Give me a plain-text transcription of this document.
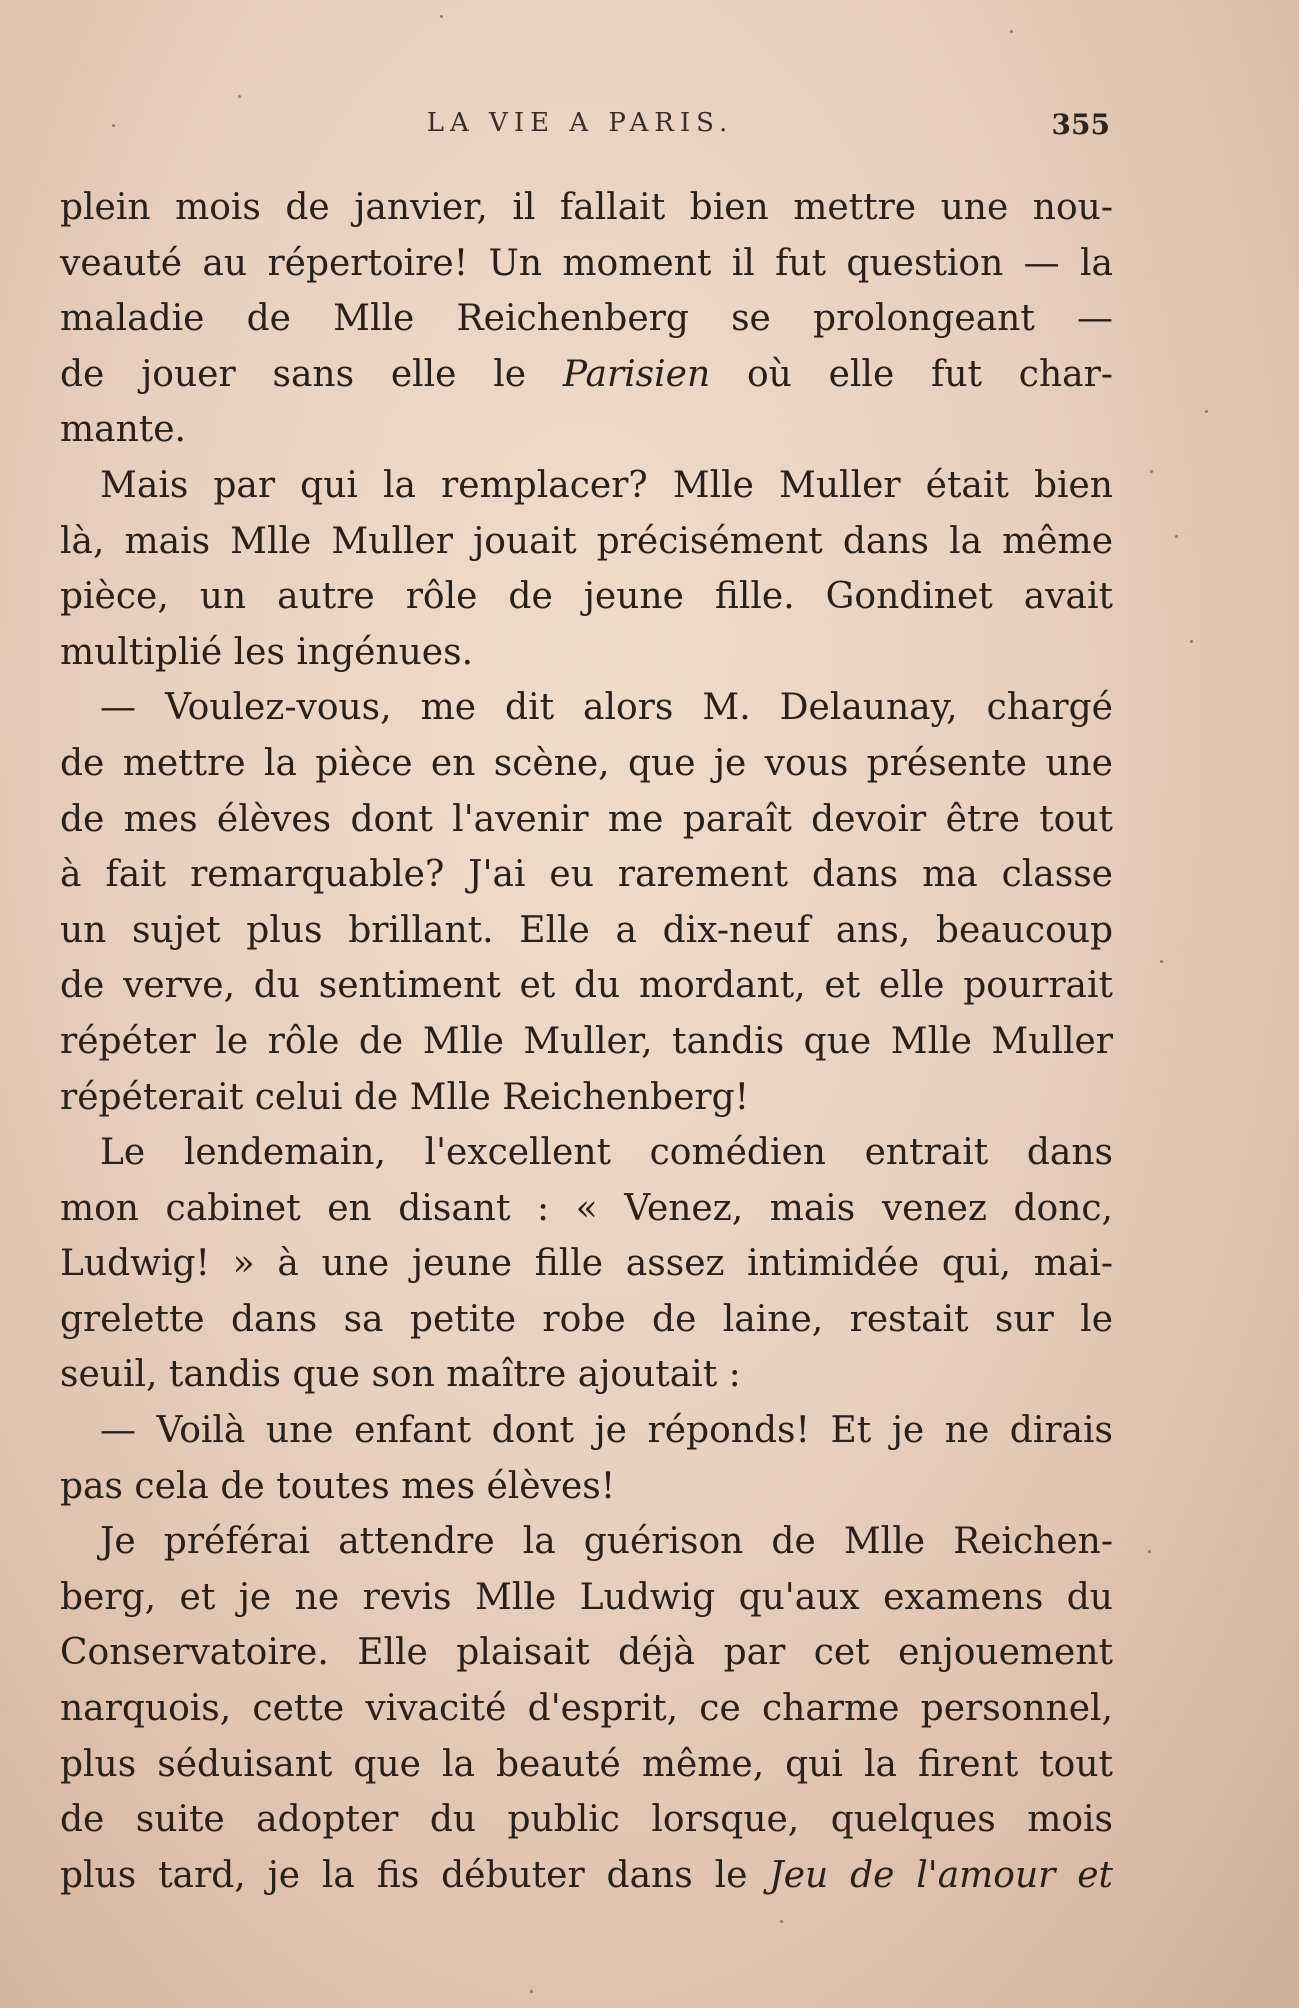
LA VIE A PARIS.	355
plein mois de janvier, il fallait bien mettre une nou-
veauté au répertoire! Un moment il fut question — la
maladie de Mlle Reichenberg se prolongeant —
de jouer sans elle le Parisien où elle fut char-
mante.
Mais par qui la remplacer? Mlle Muller était bien
là, mais Mlle Muller jouait précisément dans la même
pièce, un autre rôle de jeune fille. Gondinet avait
multiplié les ingénues.
— Voulez-vous, me dit alors M. Delaunay, chargé
de mettre la pièce en scène, que je vous présente une
de mes élèves dont l'avenir me paraît devoir être tout
à fait remarquable? J'ai eu rarement dans ma classe
un sujet plus brillant. Elle a dix-neuf ans, beaucoup
de verve, du sentiment et du mordant, et elle pourrait
répéter le rôle de Mlle Muller, tandis que Mlle Muller
répéterait celui de Mlle Reichenberg!
Le lendemain, l'excellent comédien entrait dans
mon cabinet en disant : « Venez, mais venez donc,
Ludwig! » à une jeune fille assez intimidée qui, mai-
grelette dans sa petite robe de laine, restait sur le
seuil, tandis que son maître ajoutait :
— Voilà une enfant dont je réponds! Et je ne dirais
pas cela de toutes mes élèves!
Je préférai attendre la guérison de Mlle Reichen-
berg, et je ne revis Mlle Ludwig qu'aux examens du
Conservatoire. Elle plaisait déjà par cet enjouement
narquois, cette vivacité d'esprit, ce charme personnel,
plus séduisant que la beauté même, qui la firent tout
de suite adopter du public lorsque, quelques mois
plus tard, je la fis débuter dans le Jeu de l'amour et
